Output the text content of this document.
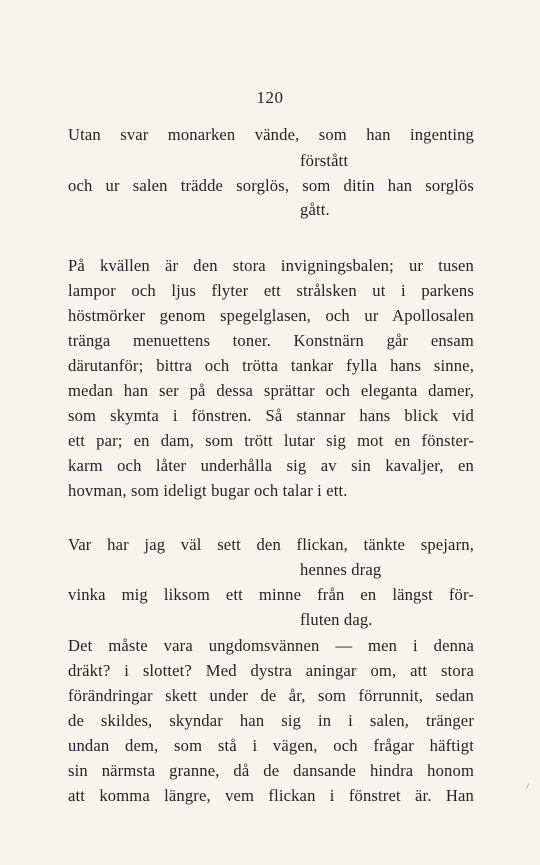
120
Utan svar monarken vände, som han ingenting
förstått
och ur salen trädde sorglös, som ditin han sorglös
gått.
På kvällen är den stora invigningsbalen; ur tusen
lampor och ljus flyter ett strålsken ut i parkens
höstmörker genom spegelglasen, och ur Apollosalen
tränga menuettens toner. Konstnärn går ensam
därutanför; bittra och trötta tankar fylla hans sinne,
medan han ser på dessa sprättar och eleganta damer,
som skymta i fönstren. Så stannar hans blick vid
ett par; en dam, som trött lutar sig mot en fönster-
karm och låter underhålla sig av sin kavaljer, en
hovman, som ideligt bugar och talar i ett.
Var har jag väl sett den flickan, tänkte spejarn,
hennes drag
vinka mig liksom ett minne från en längst för-
fluten dag.
Det måste vara ungdomsvännen — men i denna
dräkt? i slottet? Med dystra aningar om, att stora
förändringar skett under de år, som förrunnit, sedan
de skildes, skyndar han sig in i salen, tränger
undan dem, som stå i vägen, och frågar häftigt
sin närmsta granne, då de dansande hindra honom
att komma längre, vem flickan i fönstret är. Han
